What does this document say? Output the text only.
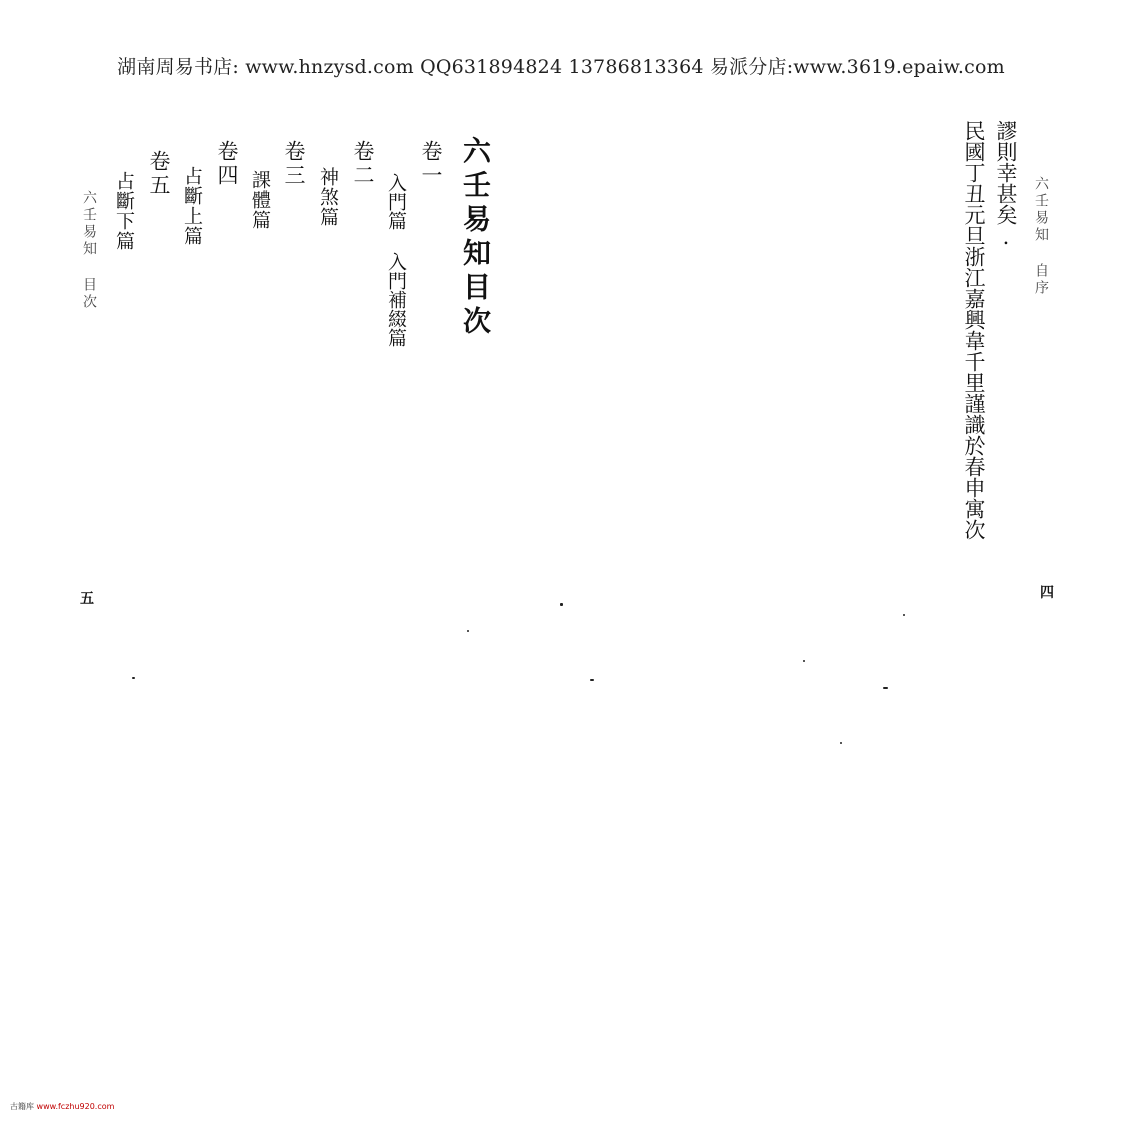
湖南周易书店: www.hnzysd.com QQ631894824 13786813364 易派分店:www.3619.epaiw.com
六壬易知 自序
謬則幸甚矣.
民國丁丑元旦浙江嘉興韋千里謹識於春申寓次
四
六壬易知目次
卷一
入門篇 入門補綴篇
卷二
神煞篇
卷三
課體篇
卷四
占斷上篇
卷五
占斷下篇
六壬易知 目次
五
古籍库 www.fczhu920.com
